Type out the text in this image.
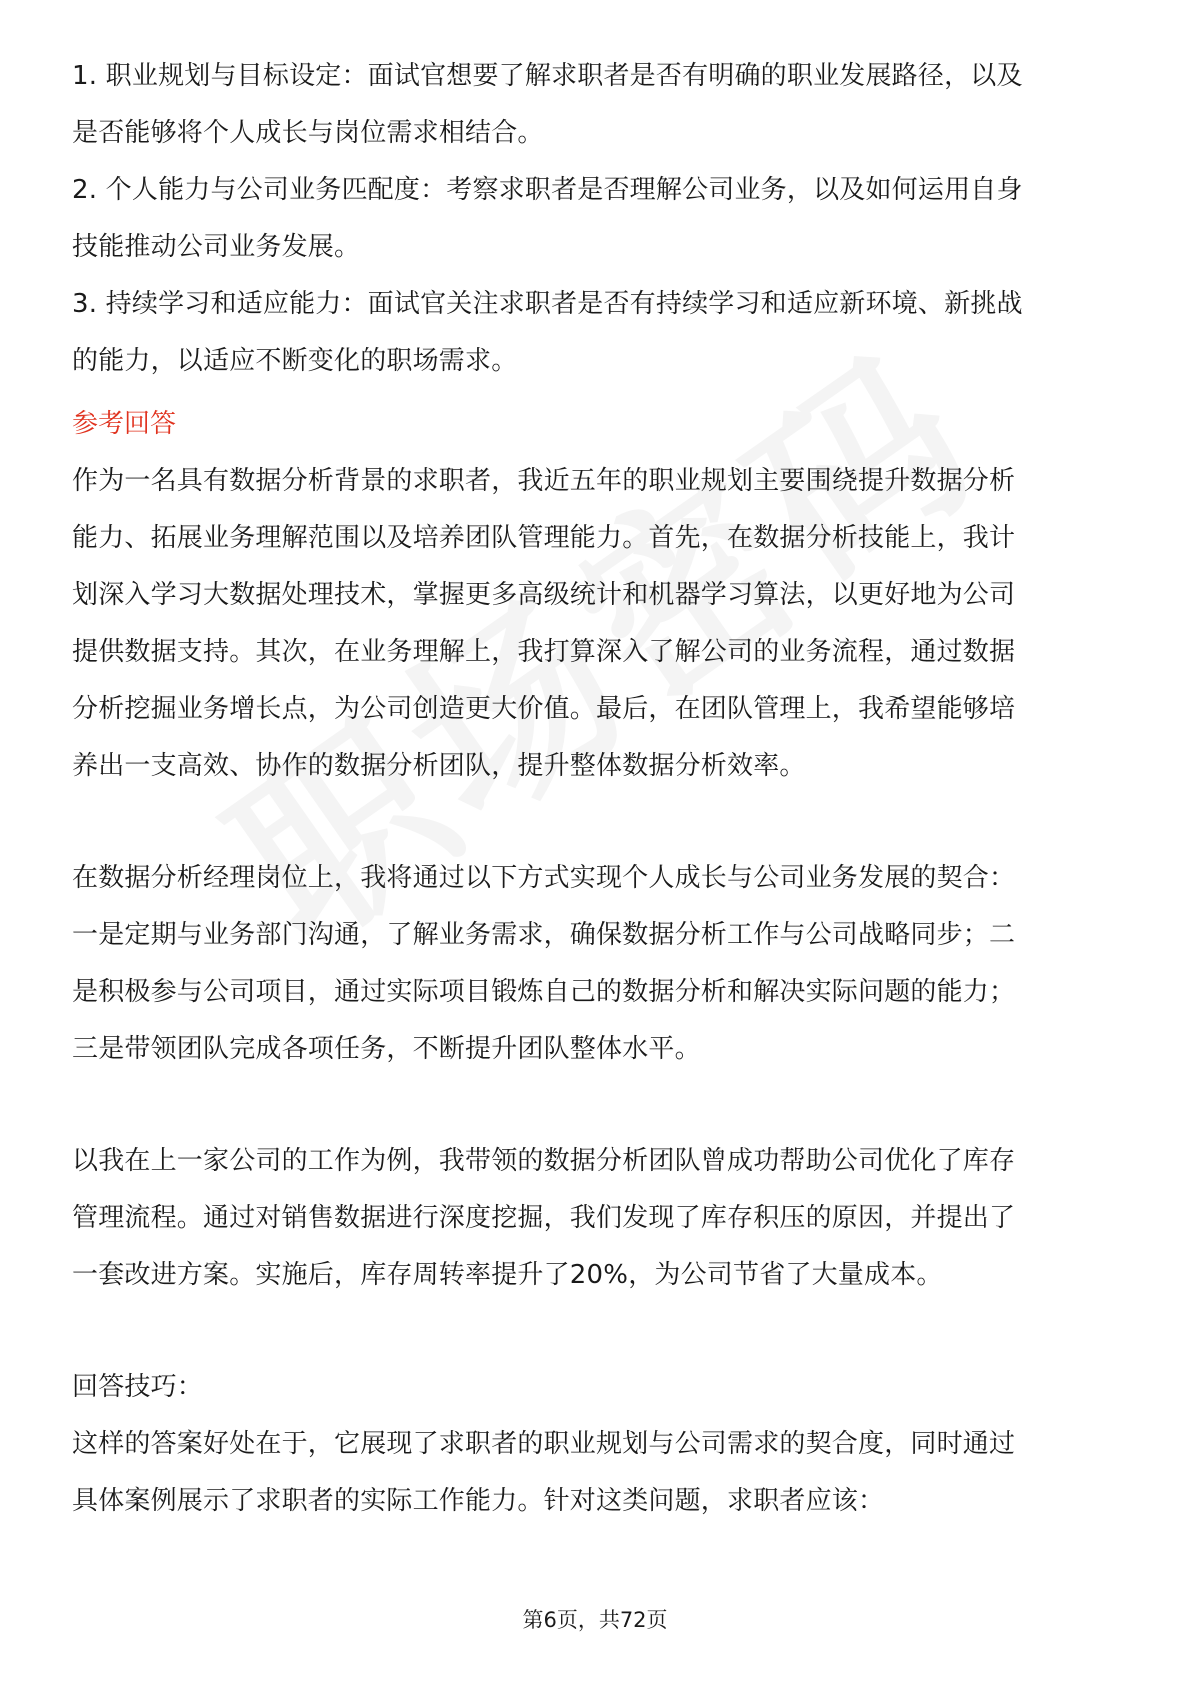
1. 职业规划与目标设定：面试官想要了解求职者是否有明确的职业发展路径，以及
是否能够将个人成长与岗位需求相结合。
2. 个人能力与公司业务匹配度：考察求职者是否理解公司业务，以及如何运用自身
技能推动公司业务发展。
3. 持续学习和适应能力：面试官关注求职者是否有持续学习和适应新环境、新挑战
的能力，以适应不断变化的职场需求。
参考回答
作为一名具有数据分析背景的求职者，我近五年的职业规划主要围绕提升数据分析
能力、拓展业务理解范围以及培养团队管理能力。首先，在数据分析技能上，我计
划深入学习大数据处理技术，掌握更多高级统计和机器学习算法，以更好地为公司
提供数据支持。其次，在业务理解上，我打算深入了解公司的业务流程，通过数据
分析挖掘业务增长点，为公司创造更大价值。最后，在团队管理上，我希望能够培
养出一支高效、协作的数据分析团队，提升整体数据分析效率。
在数据分析经理岗位上，我将通过以下方式实现个人成长与公司业务发展的契合：
一是定期与业务部门沟通，了解业务需求，确保数据分析工作与公司战略同步；二
是积极参与公司项目，通过实际项目锻炼自己的数据分析和解决实际问题的能力；
三是带领团队完成各项任务，不断提升团队整体水平。
以我在上一家公司的工作为例，我带领的数据分析团队曾成功帮助公司优化了库存
管理流程。通过对销售数据进行深度挖掘，我们发现了库存积压的原因，并提出了
一套改进方案。实施后，库存周转率提升了20%，为公司节省了大量成本。
回答技巧：
这样的答案好处在于，它展现了求职者的职业规划与公司需求的契合度，同时通过
具体案例展示了求职者的实际工作能力。针对这类问题，求职者应该：
第6页，共72页
